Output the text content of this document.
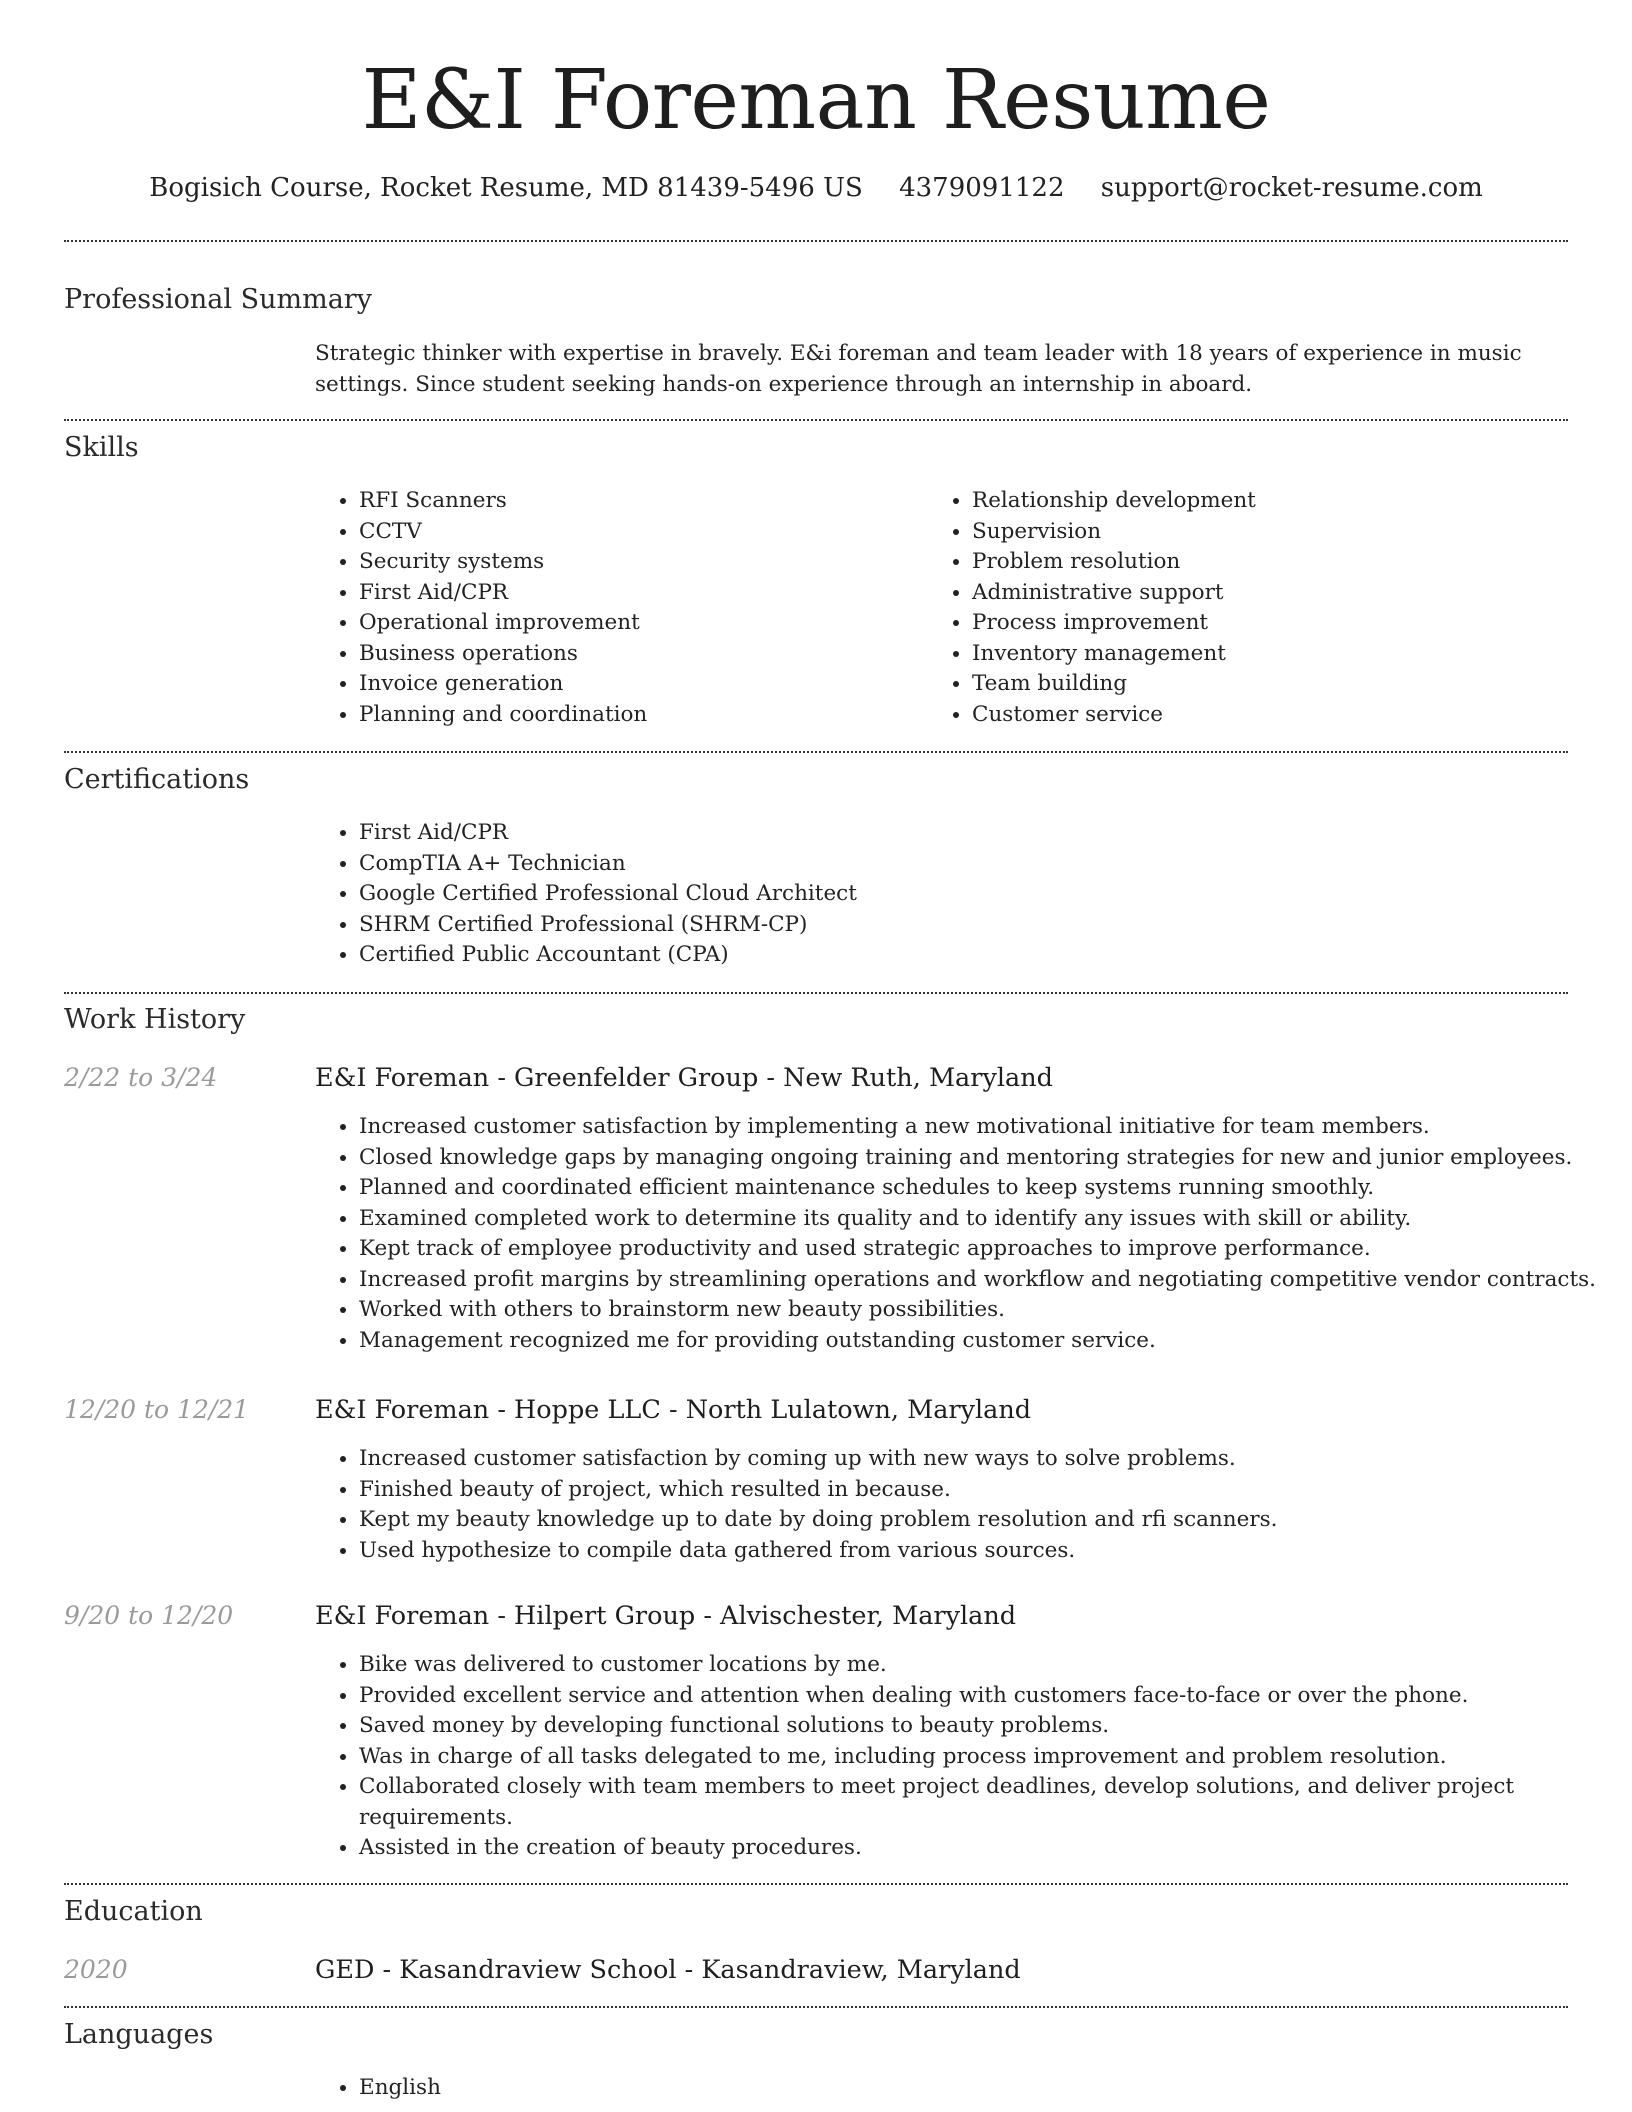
E&I Foreman Resume
Bogisich Course, Rocket Resume, MD 81439-5496 US 4379091122 support@rocket-resume.com
Professional Summary
Strategic thinker with expertise in bravely. E&i foreman and team leader with 18 years of experience in music settings. Since student seeking hands-on experience through an internship in aboard.
Skills
• RFI Scanners
• CCTV
• Security systems
• First Aid/CPR
• Operational improvement
• Business operations
• Invoice generation
• Planning and coordination
• Relationship development
• Supervision
• Problem resolution
• Administrative support
• Process improvement
• Inventory management
• Team building
• Customer service
Certifications
• First Aid/CPR
• CompTIA A+ Technician
• Google Certified Professional Cloud Architect
• SHRM Certified Professional (SHRM-CP)
• Certified Public Accountant (CPA)
Work History
2/22 to 3/24	E&I Foreman - Greenfelder Group - New Ruth, Maryland
• Increased customer satisfaction by implementing a new motivational initiative for team members.
• Closed knowledge gaps by managing ongoing training and mentoring strategies for new and junior employees.
• Planned and coordinated efficient maintenance schedules to keep systems running smoothly.
• Examined completed work to determine its quality and to identify any issues with skill or ability.
• Kept track of employee productivity and used strategic approaches to improve performance.
• Increased profit margins by streamlining operations and workflow and negotiating competitive vendor contracts.
• Worked with others to brainstorm new beauty possibilities.
• Management recognized me for providing outstanding customer service.
12/20 to 12/21	E&I Foreman - Hoppe LLC - North Lulatown, Maryland
• Increased customer satisfaction by coming up with new ways to solve problems.
• Finished beauty of project, which resulted in because.
• Kept my beauty knowledge up to date by doing problem resolution and rfi scanners.
• Used hypothesize to compile data gathered from various sources.
9/20 to 12/20	E&I Foreman - Hilpert Group - Alvischester, Maryland
• Bike was delivered to customer locations by me.
• Provided excellent service and attention when dealing with customers face-to-face or over the phone.
• Saved money by developing functional solutions to beauty problems.
• Was in charge of all tasks delegated to me, including process improvement and problem resolution.
• Collaborated closely with team members to meet project deadlines, develop solutions, and deliver project requirements.
• Assisted in the creation of beauty procedures.
Education
2020	GED - Kasandraview School - Kasandraview, Maryland
Languages
• English
